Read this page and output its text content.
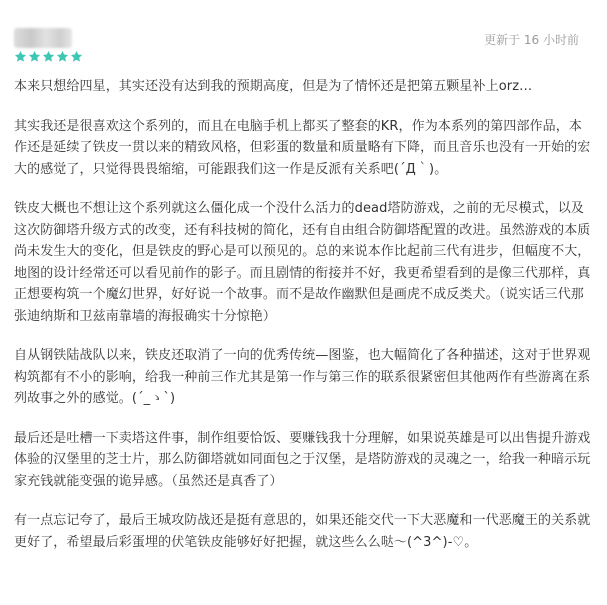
更新于 16 小时前

本来只想给四星，其实还没有达到我的预期高度，但是为了情怀还是把第五颗星补上orz…

其实我还是很喜欢这个系列的，而且在电脑手机上都买了整套的KR，作为本系列的第四部作品，本作还是延续了铁皮一贯以来的精致风格，但彩蛋的数量和质量略有下降，而且音乐也没有一开始的宏大的感觉了，只觉得畏畏缩缩，可能跟我们这一作是反派有关系吧(´Д｀)。

铁皮大概也不想让这个系列就这么僵化成一个没什么活力的dead塔防游戏，之前的无尽模式，以及这次防御塔升级方式的改变，还有科技树的简化，还有自由组合防御塔配置的改进。虽然游戏的本质尚未发生大的变化，但是铁皮的野心是可以预见的。总的来说本作比起前三代有进步，但幅度不大，地图的设计经常还可以看见前作的影子。而且剧情的衔接并不好，我更希望看到的是像三代那样，真正想要构筑一个魔幻世界，好好说一个故事。而不是故作幽默但是画虎不成反类犬。（说实话三代那张迪纳斯和卫兹南靠墙的海报确实十分惊艳）

自从钢铁陆战队以来，铁皮还取消了一向的优秀传统—图鉴，也大幅简化了各种描述，这对于世界观构筑都有不小的影响，给我一种前三作尤其是第一作与第三作的联系很紧密但其他两作有些游离在系列故事之外的感觉。(´_ゝ`)

最后还是吐槽一下卖塔这件事，制作组要恰饭、要赚钱我十分理解，如果说英雄是可以出售提升游戏体验的汉堡里的芝士片，那么防御塔就如同面包之于汉堡，是塔防游戏的灵魂之一，给我一种暗示玩家充钱就能变强的诡异感。（虽然还是真香了）

有一点忘记夸了，最后王城攻防战还是挺有意思的，如果还能交代一下大恶魔和一代恶魔王的关系就更好了，希望最后彩蛋埋的伏笔铁皮能够好好把握，就这些么么哒～(^3^)-♡。
